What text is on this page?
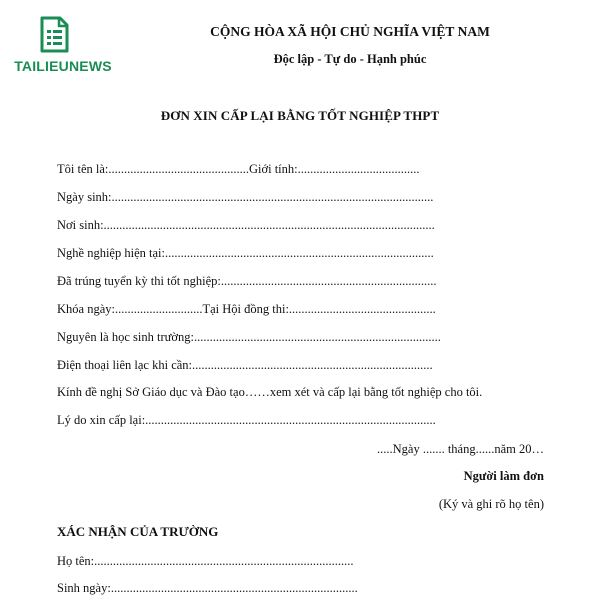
TAILIEUNEWS
CỘNG HÒA XÃ HỘI CHỦ NGHĨA VIỆT NAM
Độc lập - Tự do - Hạnh phúc
ĐƠN XIN CẤP LẠI BẰNG TỐT NGHIỆP THPT
Tôi tên là:.............................................Giới tính:.......................................
Ngày sinh:.......................................................................................................
Nơi sinh:..........................................................................................................
Nghề nghiệp hiện tại:......................................................................................
Đã trúng tuyển kỳ thi tốt nghiệp:.....................................................................
Khóa ngày:............................Tại Hội đồng thi:...............................................
Nguyên là học sinh trường:...............................................................................
Điện thoại liên lạc khi cần:.............................................................................
Kính đề nghị Sở Giáo dục và Đào tạo……xem xét và cấp lại bằng tốt nghiệp cho tôi.
Lý do xin cấp lại:.............................................................................................
.....Ngày ....... tháng......năm 20…
Người làm đơn
(Ký và ghi rõ họ tên)
XÁC NHẬN CỦA TRƯỜNG
Họ tên:...................................................................................
Sinh ngày:...............................................................................
